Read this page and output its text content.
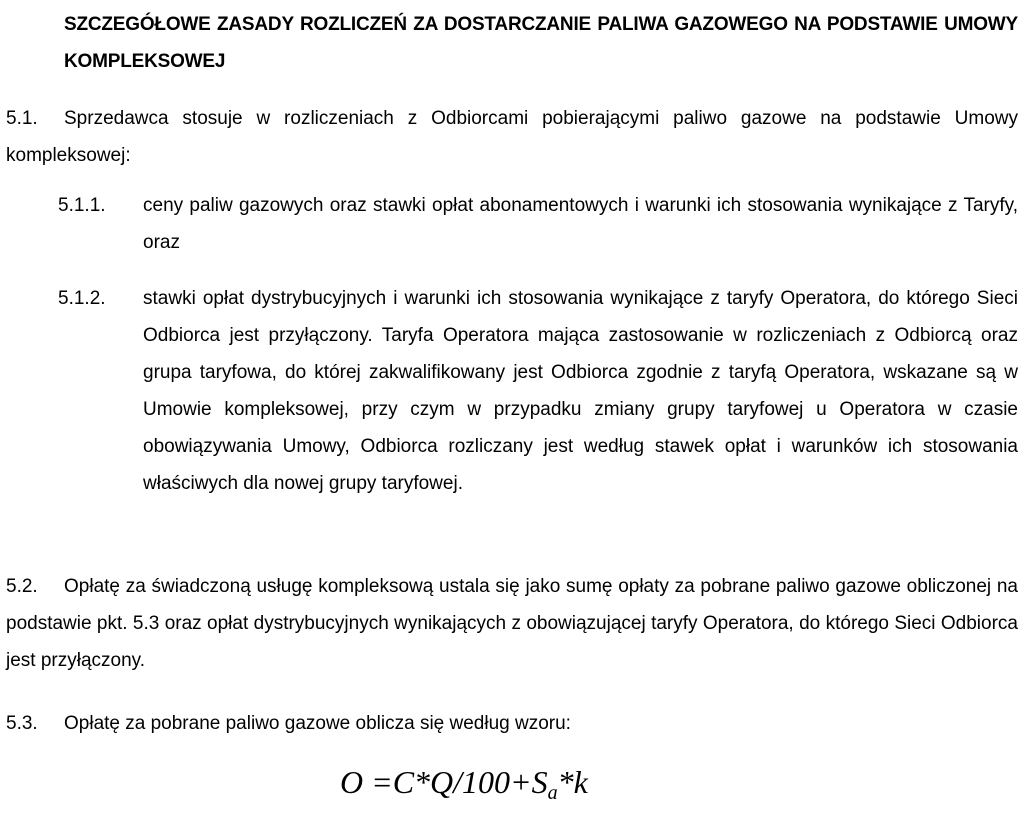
SZCZEGÓŁOWE ZASADY ROZLICZEŃ ZA DOSTARCZANIE PALIWA GAZOWEGO NA PODSTAWIE UMOWY KOMPLEKSOWEJ
5.1.	Sprzedawca stosuje w rozliczeniach z Odbiorcami pobierającymi paliwo gazowe na podstawie Umowy kompleksowej:
5.1.1.	ceny paliw gazowych oraz stawki opłat abonamentowych i warunki ich stosowania wynikające z Taryfy, oraz
5.1.2.	stawki opłat dystrybucyjnych i warunki ich stosowania wynikające z taryfy Operatora, do którego Sieci Odbiorca jest przyłączony. Taryfa Operatora mająca zastosowanie w rozliczeniach z Odbiorcą oraz grupa taryfowa, do której zakwalifikowany jest Odbiorca zgodnie z taryfą Operatora, wskazane są w Umowie kompleksowej, przy czym w przypadku zmiany grupy taryfowej u Operatora w czasie obowiązywania Umowy, Odbiorca rozliczany jest według stawek opłat i warunków ich stosowania właściwych dla nowej grupy taryfowej.
5.2.	Opłatę za świadczoną usługę kompleksową ustala się jako sumę opłaty za pobrane paliwo gazowe obliczonej na podstawie pkt. 5.3 oraz opłat dystrybucyjnych wynikających z obowiązującej taryfy Operatora, do którego Sieci Odbiorca jest przyłączony.
5.3.	Opłatę za pobrane paliwo gazowe oblicza się według wzoru:
$O =C*Q/100+S_a*k$
